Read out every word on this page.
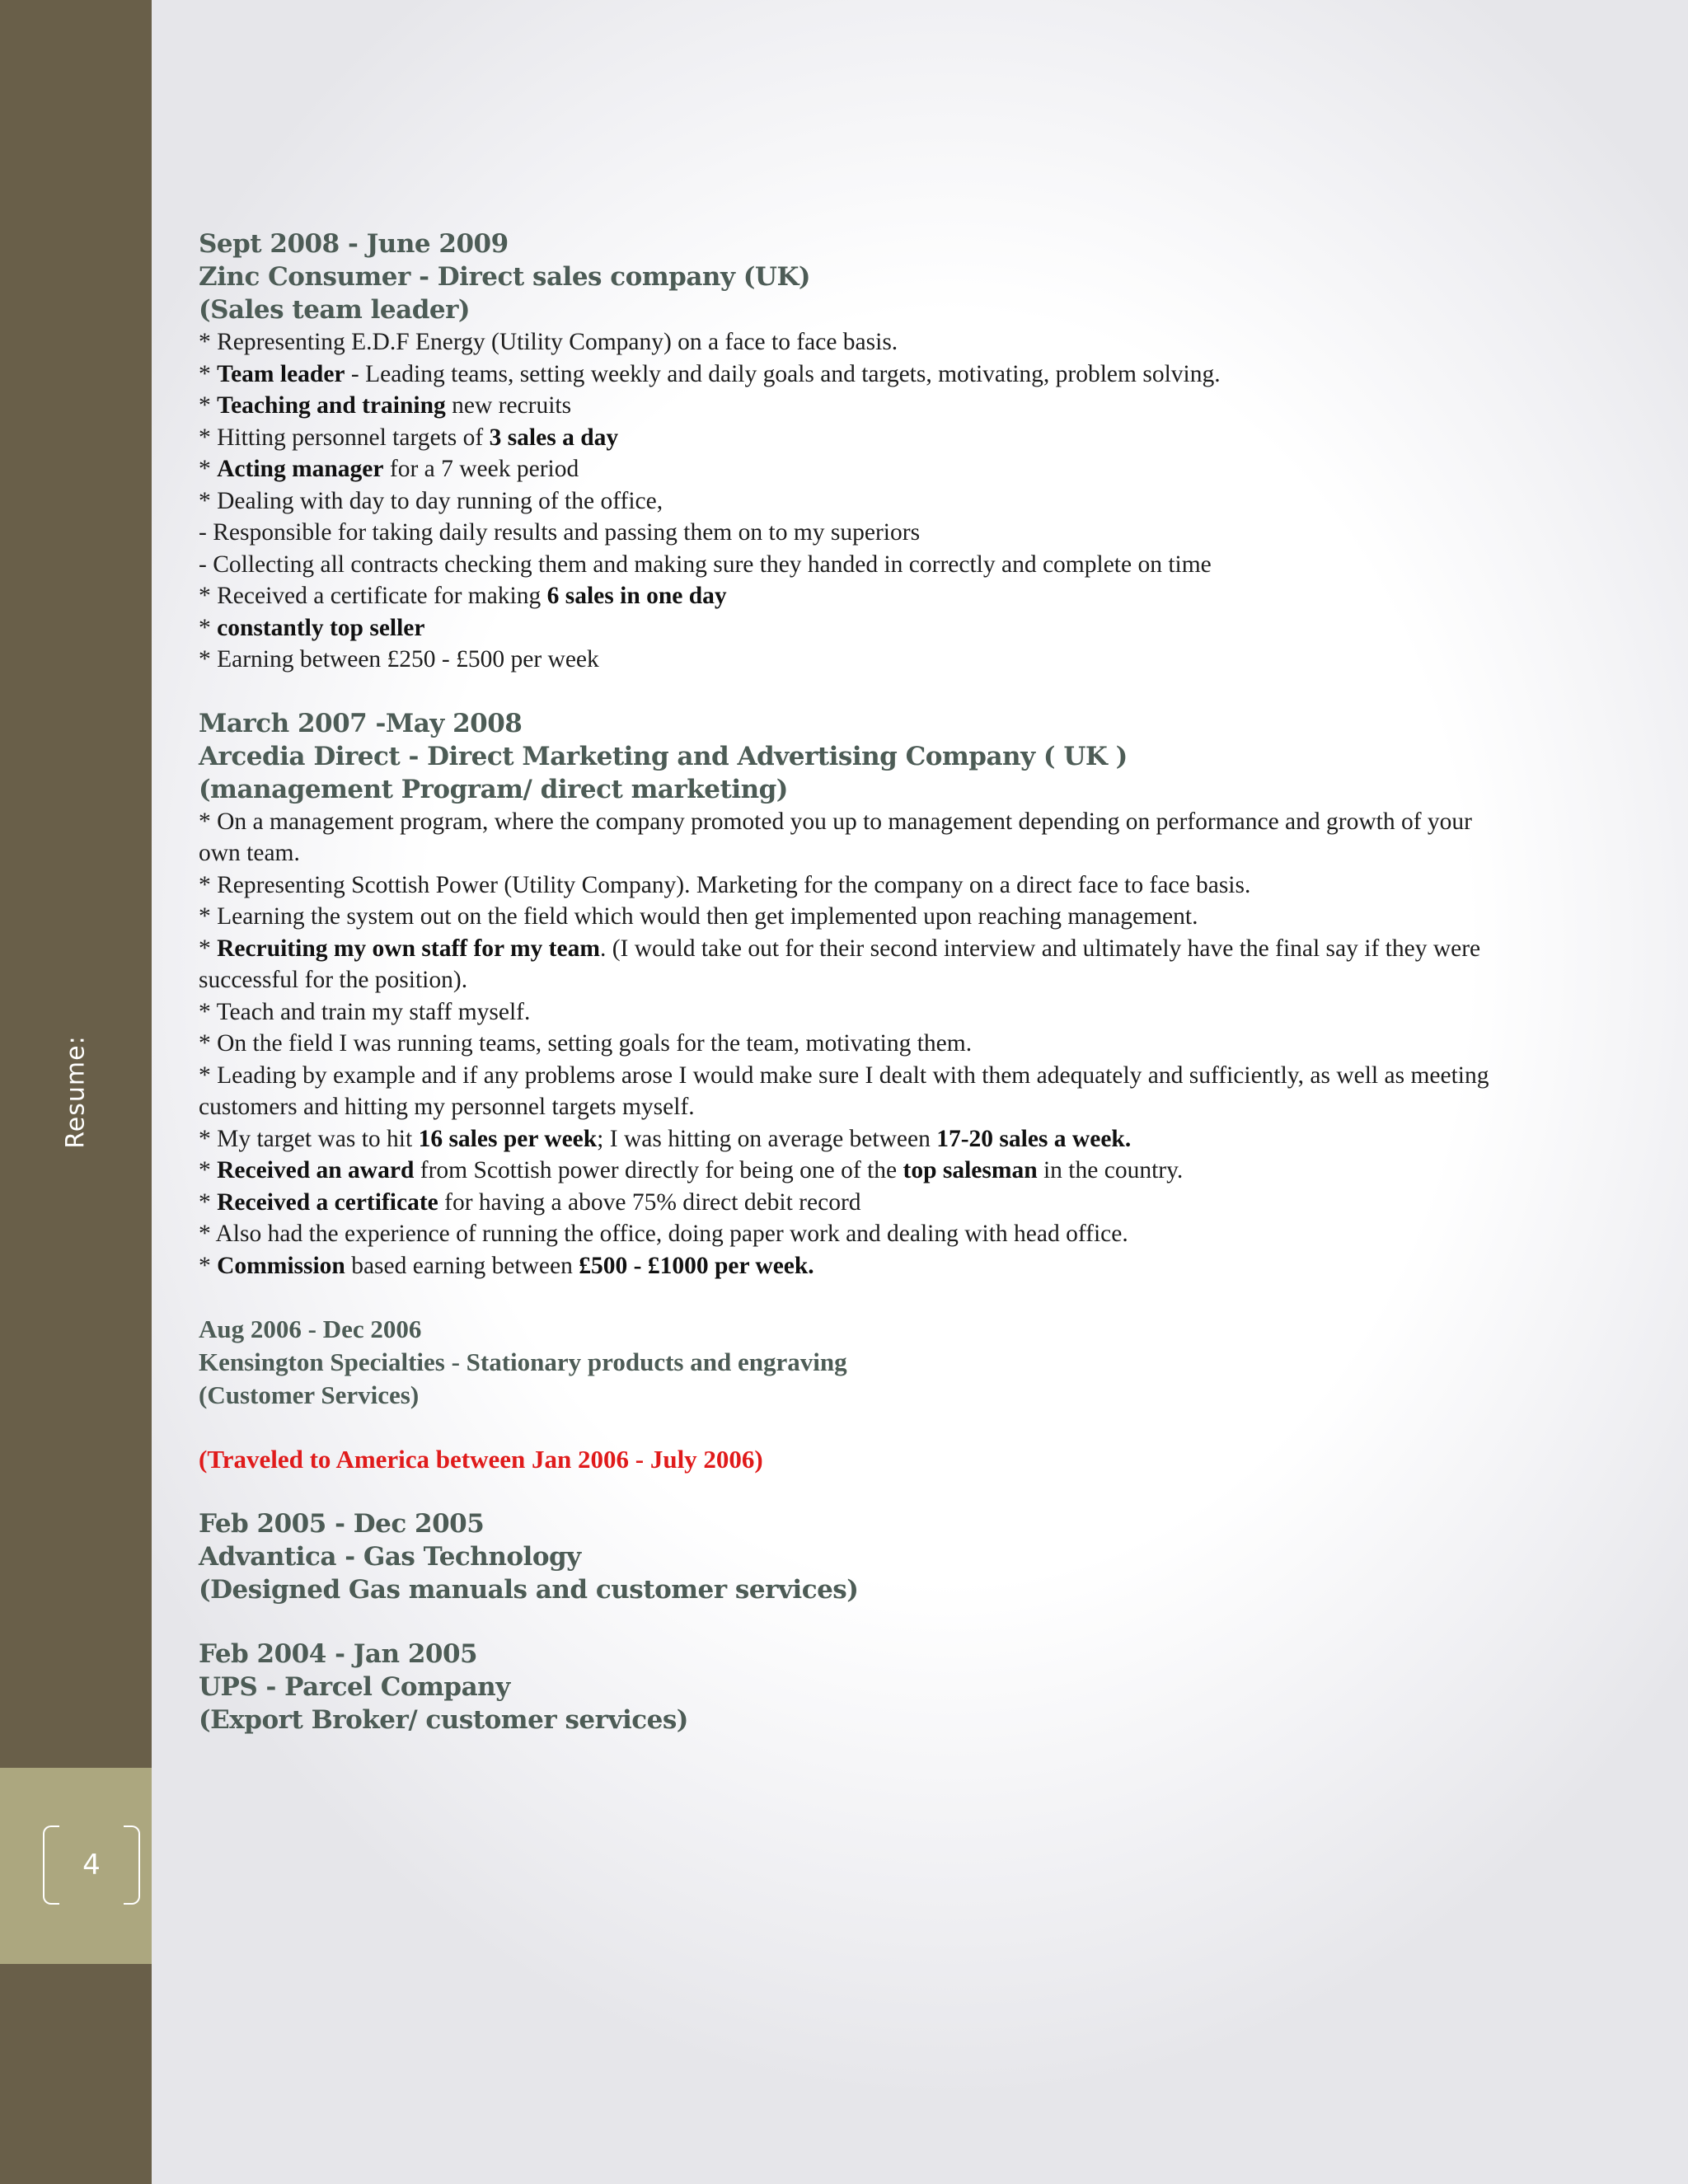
Resume:
4
Sept 2008 - June 2009
Zinc Consumer - Direct sales company (UK)
(Sales team leader)
* Representing E.D.F Energy (Utility Company) on a face to face basis.
* Team leader - Leading teams, setting weekly and daily goals and targets, motivating, problem solving.
* Teaching and training new recruits
* Hitting personnel targets of 3 sales a day
* Acting manager for a 7 week period
* Dealing with day to day running of the office,
- Responsible for taking daily results and passing them on to my superiors
- Collecting all contracts checking them and making sure they handed in correctly and complete on time
* Received a certificate for making 6 sales in one day
* constantly top seller
* Earning between £250 - £500 per week
March 2007 -May 2008
Arcedia Direct - Direct Marketing and Advertising Company ( UK )
(management Program/ direct marketing)
* On a management program, where the company promoted you up to management depending on performance and growth of your own team.
* Representing Scottish Power (Utility Company). Marketing for the company on a direct face to face basis.
* Learning the system out on the field which would then get implemented upon reaching management.
* Recruiting my own staff for my team. (I would take out for their second interview and ultimately have the final say if they were successful for the position).
* Teach and train my staff myself.
* On the field I was running teams, setting goals for the team, motivating them.
* Leading by example and if any problems arose I would make sure I dealt with them adequately and sufficiently, as well as meeting customers and hitting my personnel targets myself.
* My target was to hit 16 sales per week; I was hitting on average between 17-20 sales a week.
* Received an award from Scottish power directly for being one of the top salesman in the country.
* Received a certificate for having a above 75% direct debit record
* Also had the experience of running the office, doing paper work and dealing with head office.
* Commission based earning between £500 - £1000 per week.
Aug 2006 - Dec 2006
Kensington Specialties - Stationary products and engraving
(Customer Services)
(Traveled to America between Jan 2006 - July 2006)
Feb 2005 - Dec 2005
Advantica - Gas Technology
(Designed Gas manuals and customer services)
Feb 2004 - Jan 2005
UPS - Parcel Company
(Export Broker/ customer services)
